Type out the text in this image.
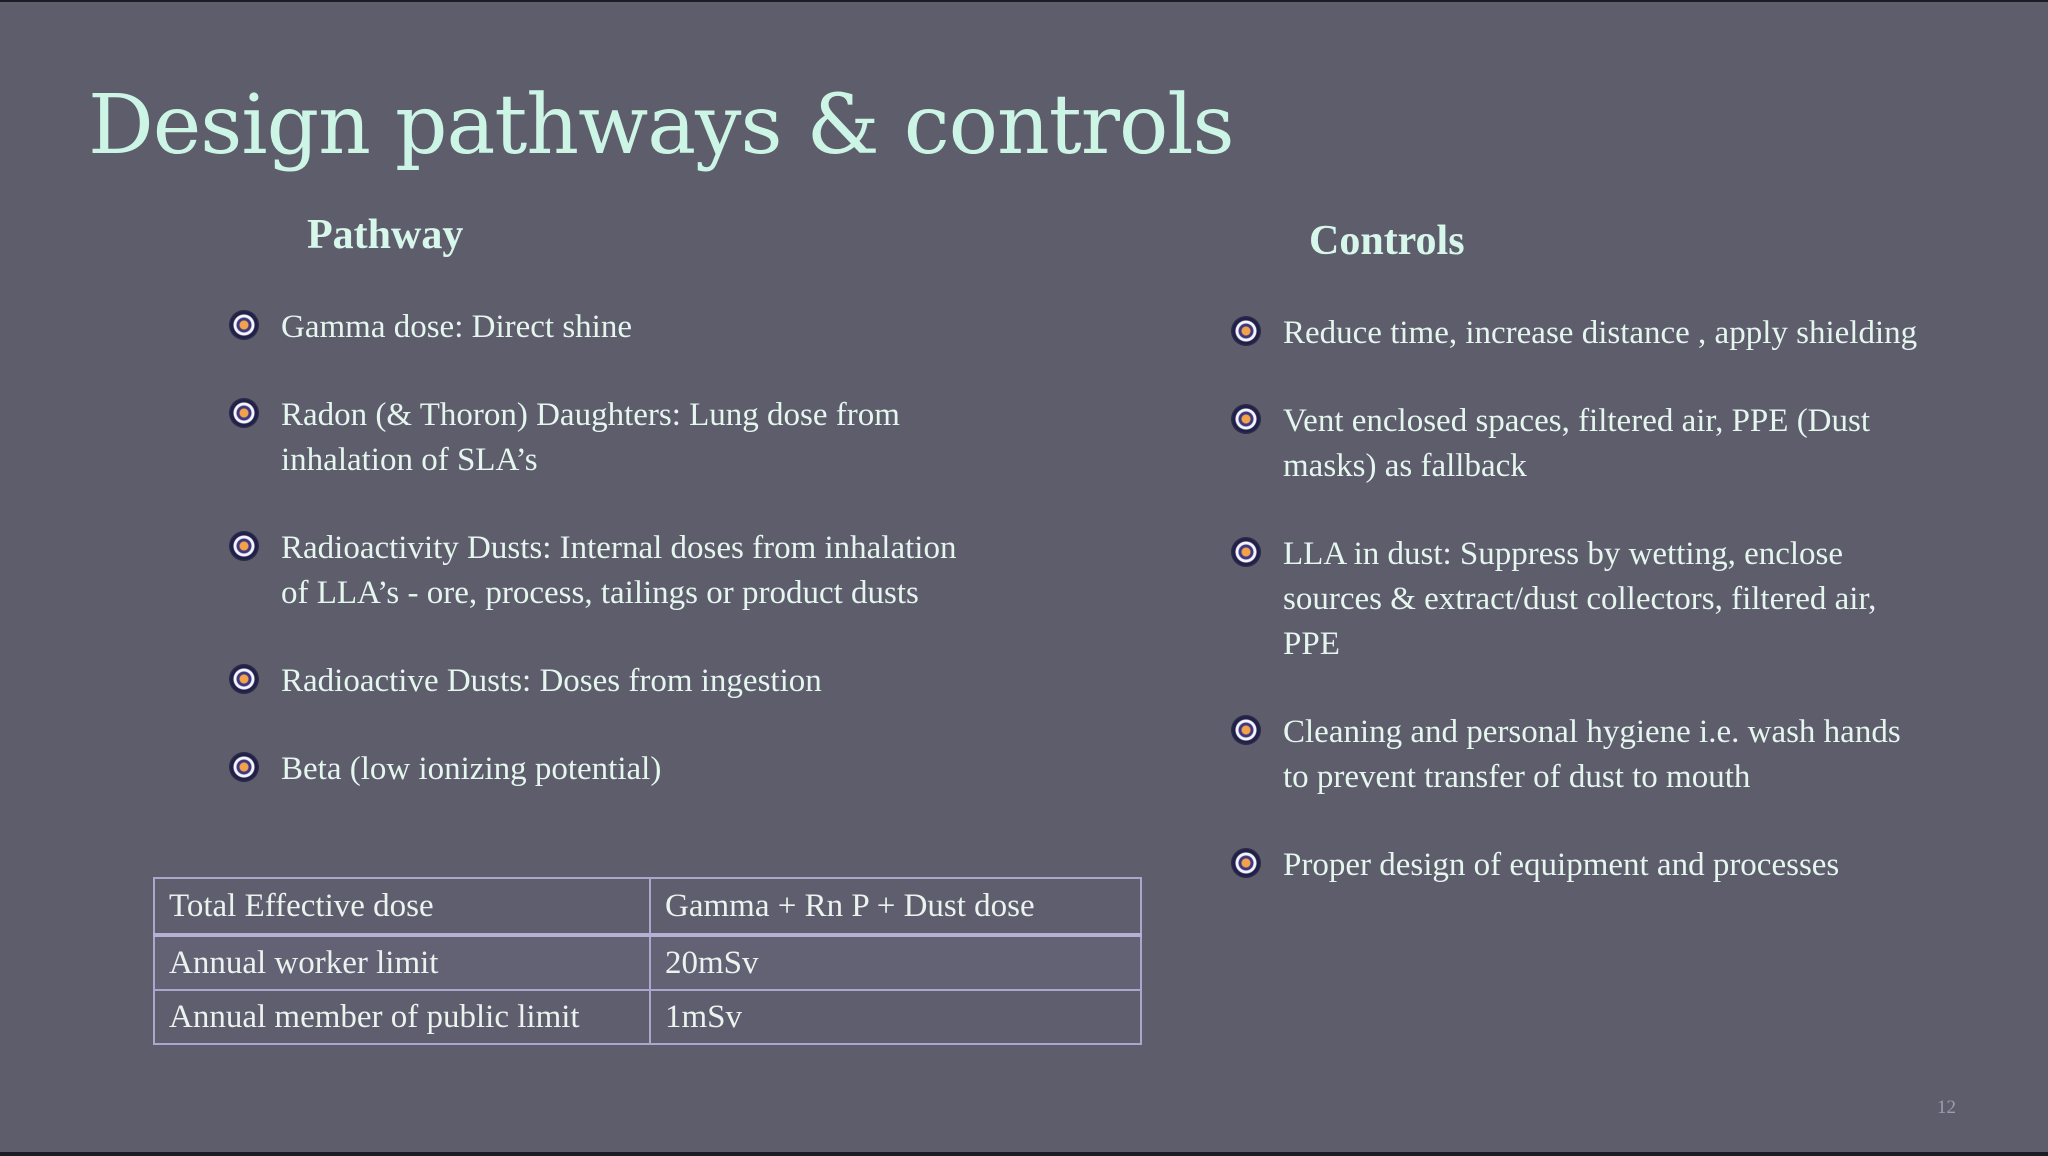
Design pathways & controls
Pathway	Controls
Gamma dose: Direct shine
Radon (& Thoron) Daughters: Lung dose from inhalation of SLA’s
Radioactivity Dusts: Internal doses from inhalation of LLA’s - ore, process, tailings or product dusts
Radioactive Dusts: Doses from ingestion
Beta (low ionizing potential)
Reduce time, increase distance , apply shielding
Vent enclosed spaces, filtered air, PPE (Dust masks) as fallback
LLA in dust: Suppress by wetting, enclose sources & extract/dust collectors, filtered air, PPE
Cleaning and personal hygiene i.e. wash hands to prevent transfer of dust to mouth
Proper design of equipment and processes
Total Effective dose	Gamma + Rn P + Dust dose
Annual worker limit	20mSv
Annual member of public limit	1mSv
12
